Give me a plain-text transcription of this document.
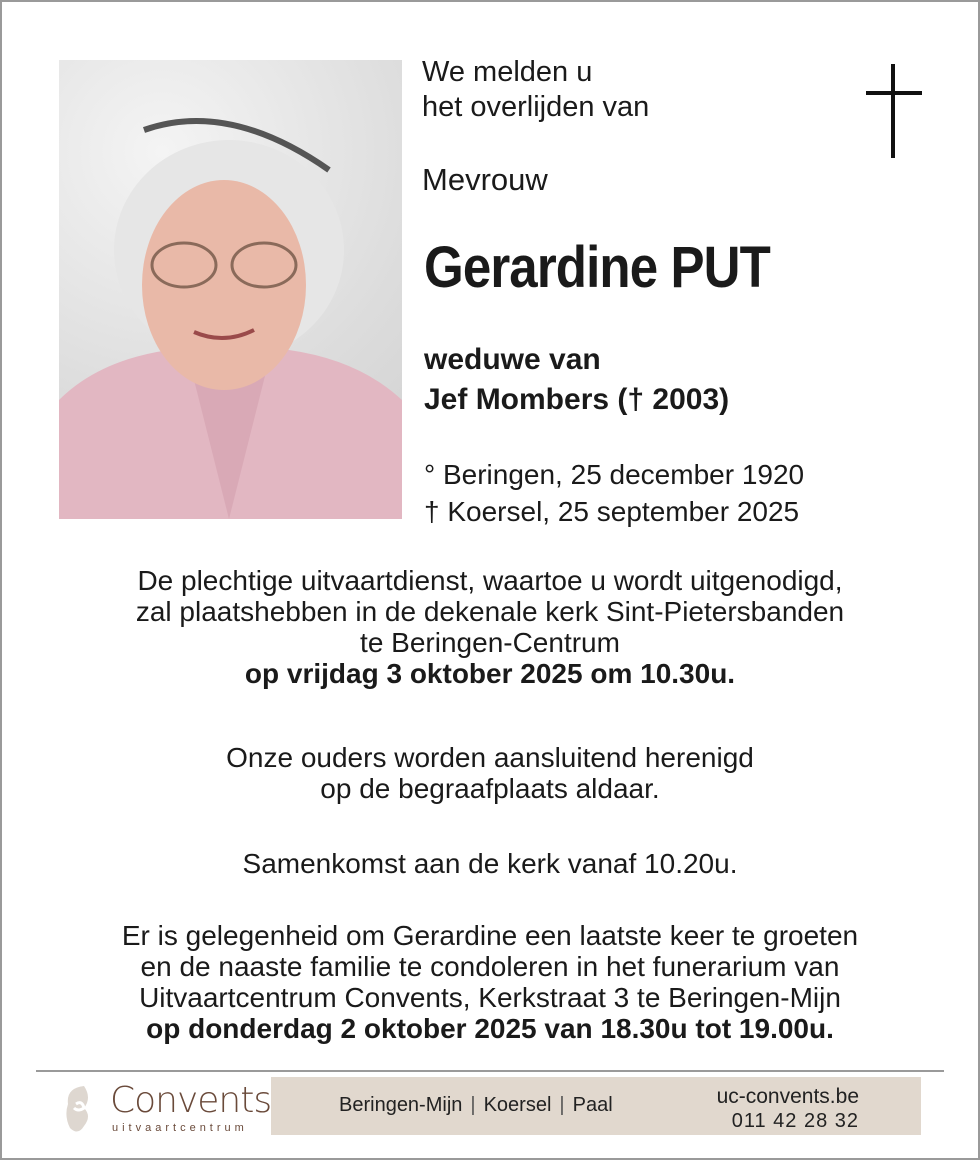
We melden u
het overlijden van
Mevrouw
Gerardine PUT
weduwe van
Jef Mombers († 2003)
° Beringen, 25 december 1920
† Koersel, 25 september 2025
De plechtige uitvaartdienst, waartoe u wordt uitgenodigd,
zal plaatshebben in de dekenale kerk Sint-Pietersbanden
te Beringen-Centrum
op vrijdag 3 oktober 2025 om 10.30u.
Onze ouders worden aansluitend herenigd
op de begraafplaats aldaar.
Samenkomst aan de kerk vanaf 10.20u.
Er is gelegenheid om Gerardine een laatste keer te groeten
en de naaste familie te condoleren in het funerarium van
Uitvaartcentrum Convents, Kerkstraat 3 te Beringen-Mijn
op donderdag 2 oktober 2025 van 18.30u tot 19.00u.
Convents
uitvaartcentrum
Beringen-Mijn | Koersel | Paal	uc-convents.be
011 42 28 32
